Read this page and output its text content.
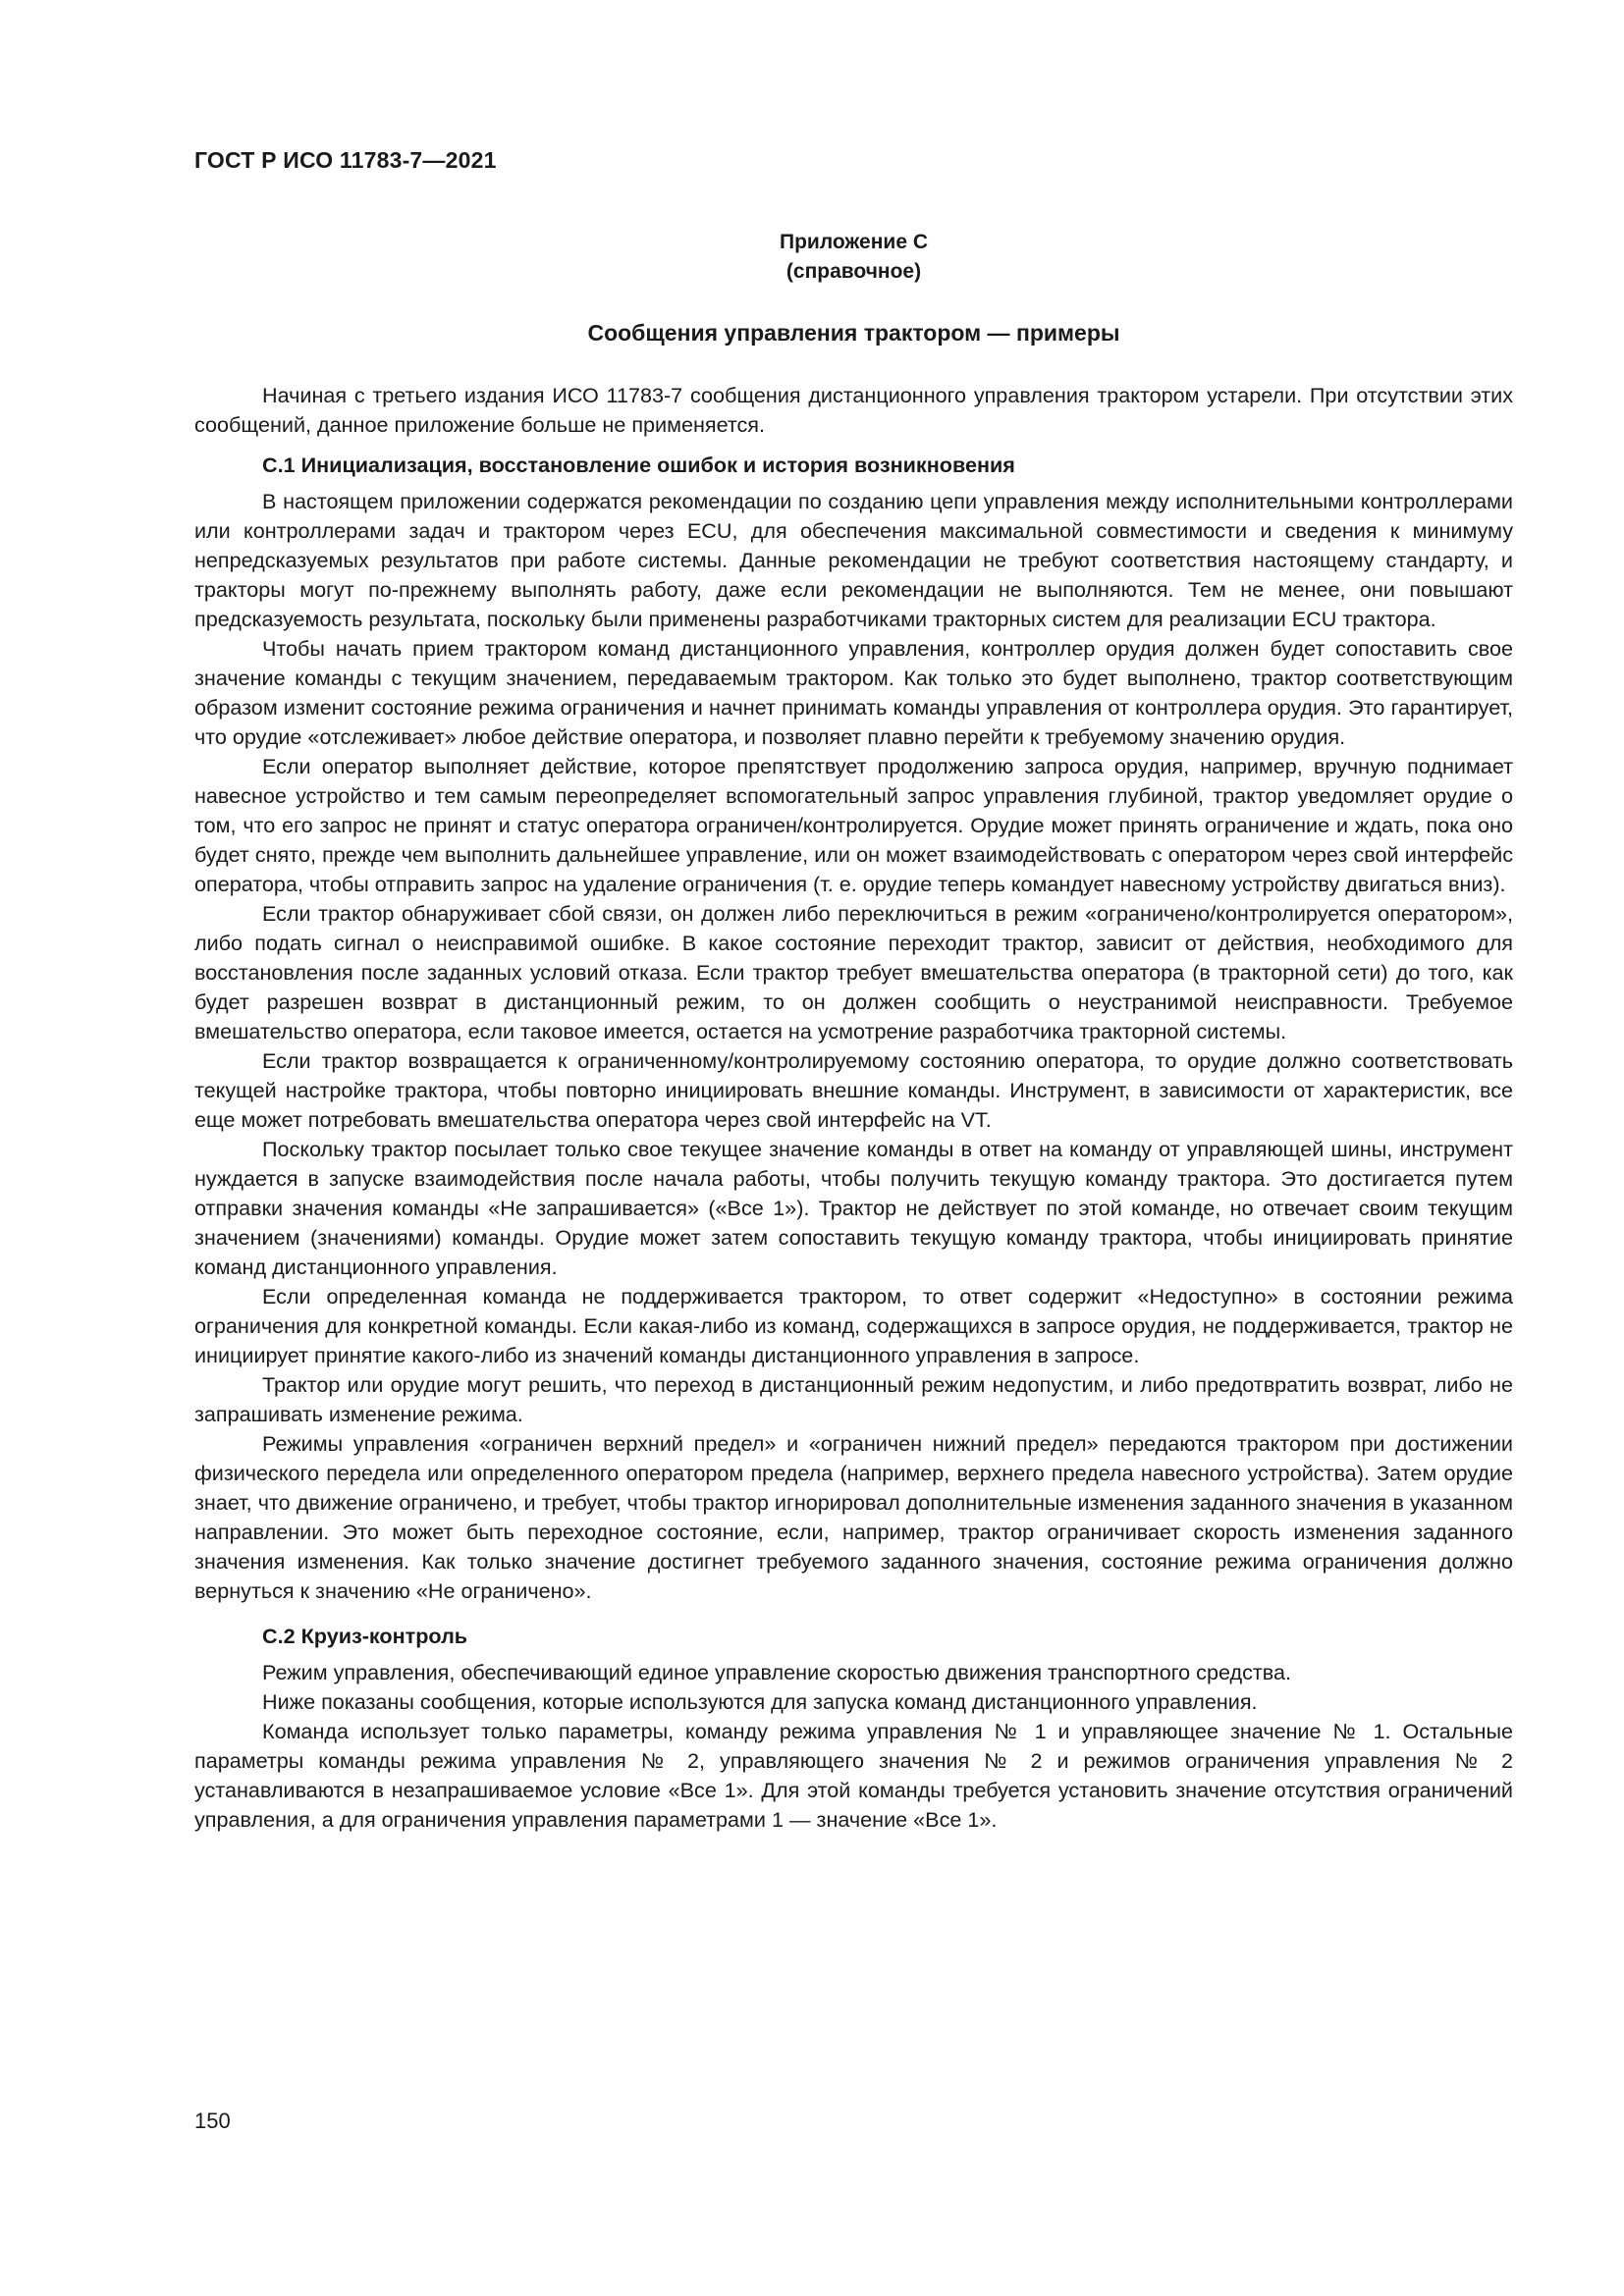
ГОСТ Р ИСО 11783-7—2021
Приложение С
(справочное)
Сообщения управления трактором — примеры

Начиная с третьего издания ИСО 11783-7 сообщения дистанционного управления трактором устарели. При отсутствии этих сообщений, данное приложение больше не применяется.

С.1 Инициализация, восстановление ошибок и история возникновения

В настоящем приложении содержатся рекомендации по созданию цепи управления между исполнительными контроллерами или контроллерами задач и трактором через ECU, для обеспечения максимальной совместимости и сведения к минимуму непредсказуемых результатов при работе системы. Данные рекомендации не требуют соответствия настоящему стандарту, и тракторы могут по-прежнему выполнять работу, даже если рекомендации не выполняются. Тем не менее, они повышают предсказуемость результата, поскольку были применены разработчиками тракторных систем для реализации ECU трактора.

Чтобы начать прием трактором команд дистанционного управления, контроллер орудия должен будет сопоставить свое значение команды с текущим значением, передаваемым трактором. Как только это будет выполнено, трактор соответствующим образом изменит состояние режима ограничения и начнет принимать команды управления от контроллера орудия. Это гарантирует, что орудие «отслеживает» любое действие оператора, и позволяет плавно перейти к требуемому значению орудия.

Если оператор выполняет действие, которое препятствует продолжению запроса орудия, например, вручную поднимает навесное устройство и тем самым переопределяет вспомогательный запрос управления глубиной, трактор уведомляет орудие о том, что его запрос не принят и статус оператора ограничен/контролируется. Орудие может принять ограничение и ждать, пока оно будет снято, прежде чем выполнить дальнейшее управление, или он может взаимодействовать с оператором через свой интерфейс оператора, чтобы отправить запрос на удаление ограничения (т. е. орудие теперь командует навесному устройству двигаться вниз).

Если трактор обнаруживает сбой связи, он должен либо переключиться в режим «ограничено/контролируется оператором», либо подать сигнал о неисправимой ошибке. В какое состояние переходит трактор, зависит от действия, необходимого для восстановления после заданных условий отказа. Если трактор требует вмешательства оператора (в тракторной сети) до того, как будет разрешен возврат в дистанционный режим, то он должен сообщить о неустранимой неисправности. Требуемое вмешательство оператора, если таковое имеется, остается на усмотрение разработчика тракторной системы.

Если трактор возвращается к ограниченному/контролируемому состоянию оператора, то орудие должно соответствовать текущей настройке трактора, чтобы повторно инициировать внешние команды. Инструмент, в зависимости от характеристик, все еще может потребовать вмешательства оператора через свой интерфейс на VT.

Поскольку трактор посылает только свое текущее значение команды в ответ на команду от управляющей шины, инструмент нуждается в запуске взаимодействия после начала работы, чтобы получить текущую команду трактора. Это достигается путем отправки значения команды «Не запрашивается» («Все 1»). Трактор не действует по этой команде, но отвечает своим текущим значением (значениями) команды. Орудие может затем сопоставить текущую команду трактора, чтобы инициировать принятие команд дистанционного управления.

Если определенная команда не поддерживается трактором, то ответ содержит «Недоступно» в состоянии режима ограничения для конкретной команды. Если какая-либо из команд, содержащихся в запросе орудия, не поддерживается, трактор не инициирует принятие какого-либо из значений команды дистанционного управления в запросе.

Трактор или орудие могут решить, что переход в дистанционный режим недопустим, и либо предотвратить возврат, либо не запрашивать изменение режима.

Режимы управления «ограничен верхний предел» и «ограничен нижний предел» передаются трактором при достижении физического передела или определенного оператором предела (например, верхнего предела навесного устройства). Затем орудие знает, что движение ограничено, и требует, чтобы трактор игнорировал дополнительные изменения заданного значения в указанном направлении. Это может быть переходное состояние, если, например, трактор ограничивает скорость изменения заданного значения изменения. Как только значение достигнет требуемого заданного значения, состояние режима ограничения должно вернуться к значению «Не ограничено».

С.2 Круиз-контроль

Режим управления, обеспечивающий единое управление скоростью движения транспортного средства.

Ниже показаны сообщения, которые используются для запуска команд дистанционного управления.

Команда использует только параметры, команду режима управления № 1 и управляющее значение № 1. Остальные параметры команды режима управления № 2, управляющего значения № 2 и режимов ограничения управления № 2 устанавливаются в незапрашиваемое условие «Все 1». Для этой команды требуется установить значение отсутствия ограничений управления, а для ограничения управления параметрами 1 — значение «Все 1».

150
